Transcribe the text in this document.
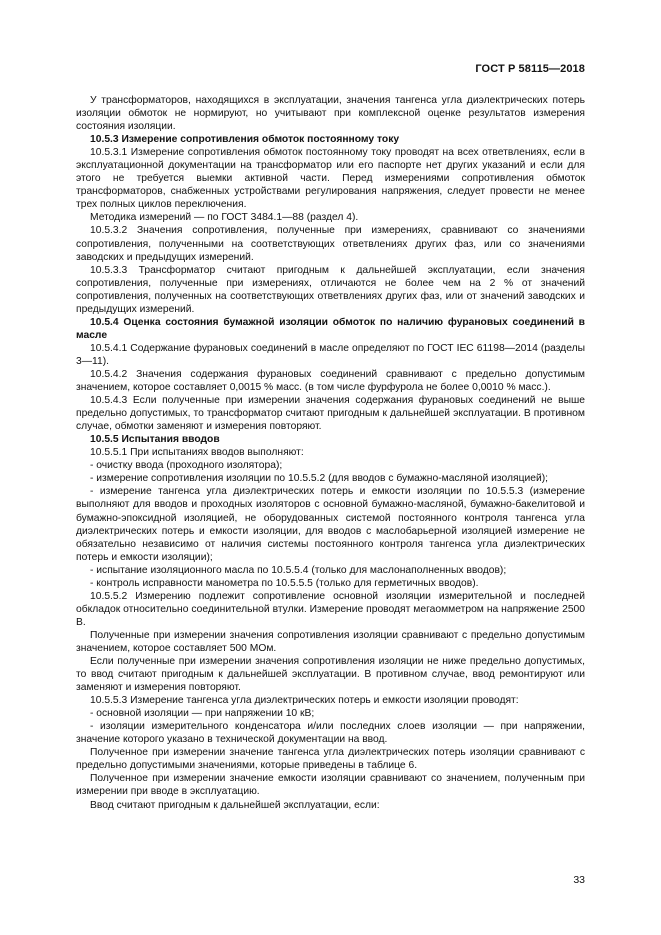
ГОСТ Р 58115—2018

У трансформаторов, находящихся в эксплуатации, значения тангенса угла диэлектрических потерь изоляции обмоток не нормируют, но учитывают при комплексной оценке результатов измерения состояния изоляции.

10.5.3 Измерение сопротивления обмоток постоянному току

10.5.3.1 Измерение сопротивления обмоток постоянному току проводят на всех ответвлениях, если в эксплуатационной документации на трансформатор или его паспорте нет других указаний и если для этого не требуется выемки активной части. Перед измерениями сопротивления обмоток трансформаторов, снабженных устройствами регулирования напряжения, следует провести не менее трех полных циклов переключения.

Методика измерений — по ГОСТ 3484.1—88 (раздел 4).

10.5.3.2 Значения сопротивления, полученные при измерениях, сравнивают со значениями сопротивления, полученными на соответствующих ответвлениях других фаз, или со значениями заводских и предыдущих измерений.

10.5.3.3 Трансформатор считают пригодным к дальнейшей эксплуатации, если значения сопротивления, полученные при измерениях, отличаются не более чем на 2 % от значений сопротивления, полученных на соответствующих ответвлениях других фаз, или от значений заводских и предыдущих измерений.

10.5.4 Оценка состояния бумажной изоляции обмоток по наличию фурановых соединений в масле

10.5.4.1 Содержание фурановых соединений в масле определяют по ГОСТ IEC 61198—2014 (разделы 3—11).

10.5.4.2 Значения содержания фурановых соединений сравнивают с предельно допустимым значением, которое составляет 0,0015 % масс. (в том числе фурфурола не более 0,0010 % масс.).

10.5.4.3 Если полученные при измерении значения содержания фурановых соединений не выше предельно допустимых, то трансформатор считают пригодным к дальнейшей эксплуатации. В противном случае, обмотки заменяют и измерения повторяют.

10.5.5 Испытания вводов

10.5.5.1 При испытаниях вводов выполняют:

- очистку ввода (проходного изолятора);

- измерение сопротивления изоляции по 10.5.5.2 (для вводов с бумажно-масляной изоляцией);

- измерение тангенса угла диэлектрических потерь и емкости изоляции по 10.5.5.3 (измерение выполняют для вводов и проходных изоляторов с основной бумажно-масляной, бумажно-бакелитовой и бумажно-эпоксидной изоляцией, не оборудованных системой постоянного контроля тангенса угла диэлектрических потерь и емкости изоляции, для вводов с маслобарьерной изоляцией измерение не обязательно независимо от наличия системы постоянного контроля тангенса угла диэлектрических потерь и емкости изоляции);

- испытание изоляционного масла по 10.5.5.4 (только для маслонаполненных вводов);

- контроль исправности манометра по 10.5.5.5 (только для герметичных вводов).

10.5.5.2 Измерению подлежит сопротивление основной изоляции измерительной и последней обкладок относительно соединительной втулки. Измерение проводят мегаомметром на напряжение 2500 В.

Полученные при измерении значения сопротивления изоляции сравнивают с предельно допустимым значением, которое составляет 500 МОм.

Если полученные при измерении значения сопротивления изоляции не ниже предельно допустимых, то ввод считают пригодным к дальнейшей эксплуатации. В противном случае, ввод ремонтируют или заменяют и измерения повторяют.

10.5.5.3 Измерение тангенса угла диэлектрических потерь и емкости изоляции проводят:

- основной изоляции — при напряжении 10 кВ;

- изоляции измерительного конденсатора и/или последних слоев изоляции — при напряжении, значение которого указано в технической документации на ввод.

Полученное при измерении значение тангенса угла диэлектрических потерь изоляции сравнивают с предельно допустимыми значениями, которые приведены в таблице 6.

Полученное при измерении значение емкости изоляции сравнивают со значением, полученным при измерении при вводе в эксплуатацию.

Ввод считают пригодным к дальнейшей эксплуатации, если:

33
